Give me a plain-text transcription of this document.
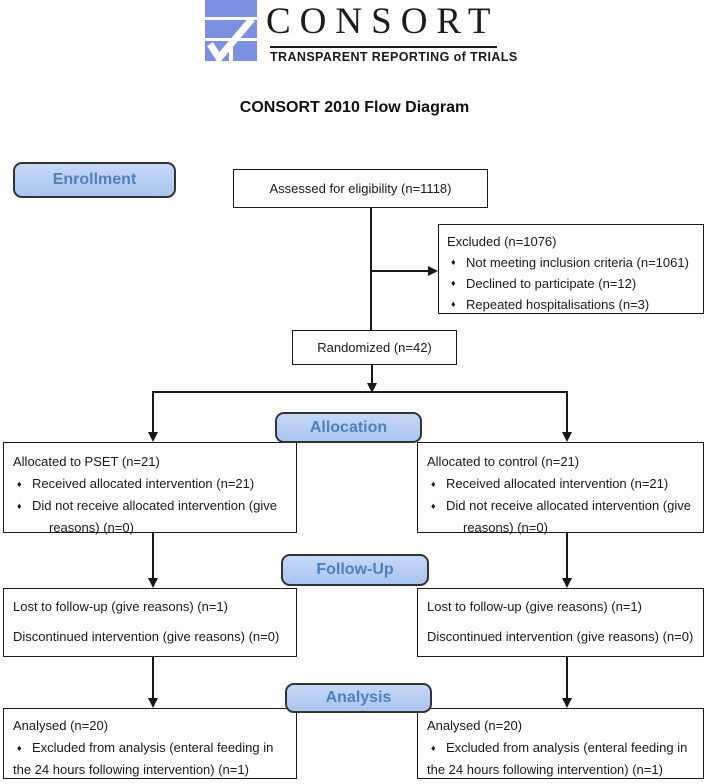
CONSORT
TRANSPARENT REPORTING of TRIALS
CONSORT 2010 Flow Diagram
Enrollment
Allocation
Follow-Up
Analysis
Assessed for eligibility (n=1118)
Excluded (n=1076)
♦ Not meeting inclusion criteria (n=1061)
♦ Declined to participate (n=12)
♦ Repeated hospitalisations (n=3)
Randomized (n=42)
Allocated to PSET (n=21)
♦ Received allocated intervention (n=21)
♦ Did not receive allocated intervention (give
reasons) (n=0)
Allocated to control (n=21)
♦ Received allocated intervention (n=21)
♦ Did not receive allocated intervention (give
reasons) (n=0)
Lost to follow-up (give reasons) (n=1)
Discontinued intervention (give reasons) (n=0)
Lost to follow-up (give reasons) (n=1)
Discontinued intervention (give reasons) (n=0)
Analysed (n=20)
♦ Excluded from analysis (enteral feeding in
the 24 hours following intervention) (n=1)
Analysed (n=20)
♦ Excluded from analysis (enteral feeding in
the 24 hours following intervention) (n=1)
